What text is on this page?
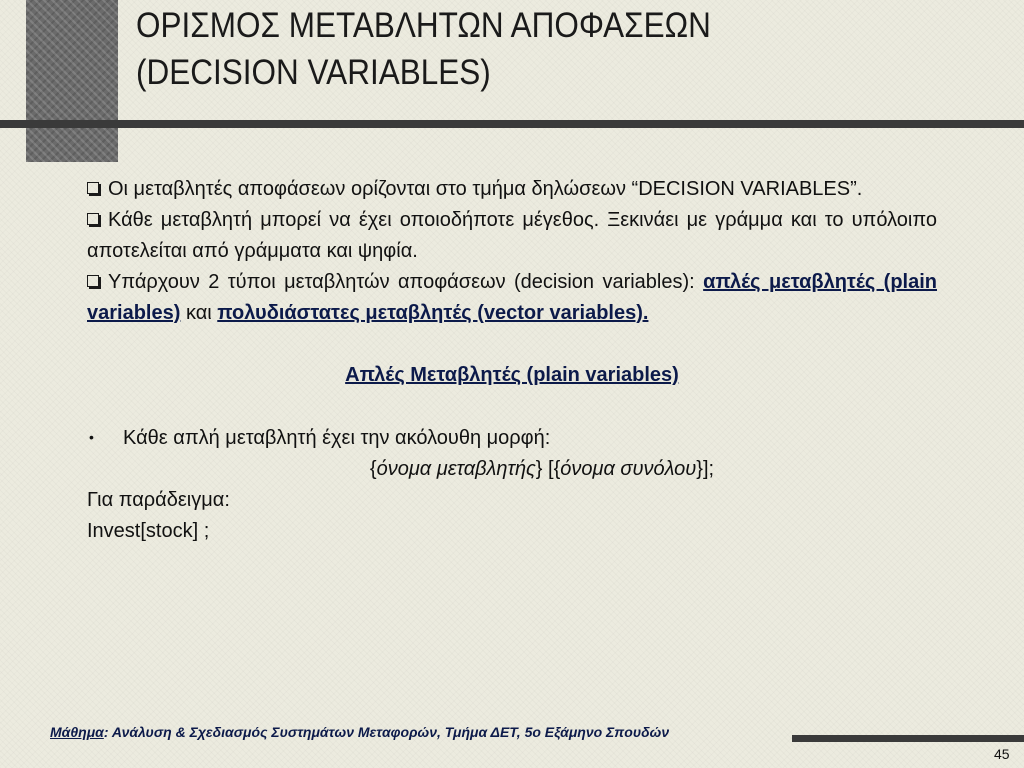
ΟΡΙΣΜΟΣ ΜΕΤΑΒΛΗΤΩΝ ΑΠΟΦΑΣΕΩΝ
(DECISION VARIABLES)
Οι μεταβλητές αποφάσεων ορίζονται στο τμήμα δηλώσεων “DECISION VARIABLES”.
Κάθε μεταβλητή μπορεί να έχει οποιοδήποτε μέγεθος. Ξεκινάει με γράμμα και το υπόλοιπο αποτελείται από γράμματα και ψηφία.
Υπάρχουν 2 τύποι μεταβλητών αποφάσεων (decision variables): απλές μεταβλητές (plain variables) και πολυδιάστατες μεταβλητές (vector variables).
Απλές Μεταβλητές (plain variables)
• Κάθε απλή μεταβλητή έχει την ακόλουθη μορφή:
{όνομα μεταβλητής} [{όνομα συνόλου}];
Για παράδειγμα:
Invest[stock] ;
Μάθημα: Ανάλυση & Σχεδιασμός Συστημάτων Μεταφορών, Τμήμα ΔΕΤ, 5ο Εξάμηνο Σπουδών
45
